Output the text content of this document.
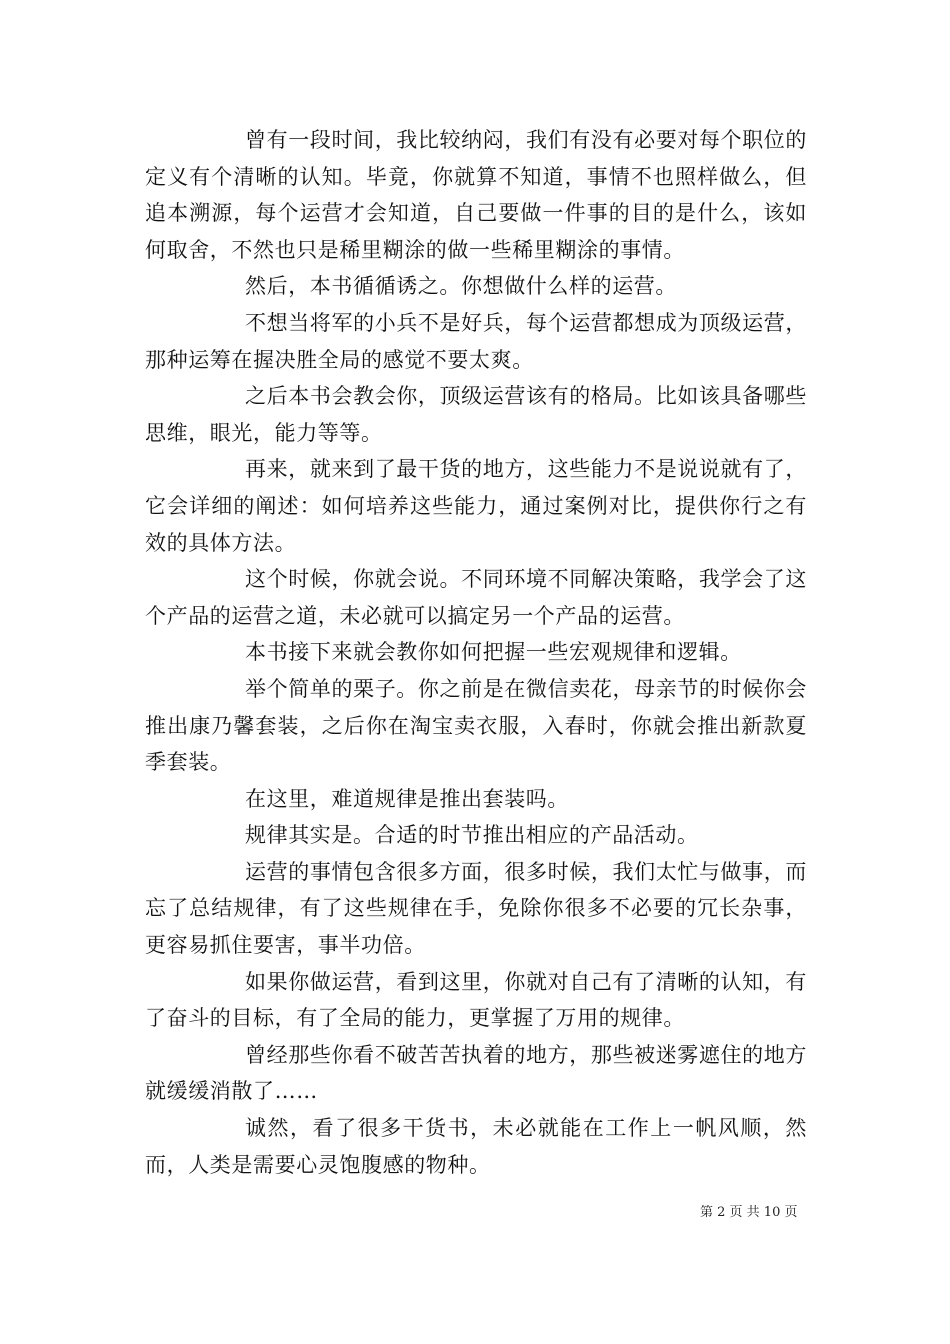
曾有一段时间，我比较纳闷，我们有没有必要对每个职位的定义有个清晰的认知。毕竟，你就算不知道，事情不也照样做么，但追本溯源，每个运营才会知道，自己要做一件事的目的是什么，该如何取舍，不然也只是稀里糊涂的做一些稀里糊涂的事情。

然后，本书循循诱之。你想做什么样的运营。

不想当将军的小兵不是好兵，每个运营都想成为顶级运营，那种运筹在握决胜全局的感觉不要太爽。

之后本书会教会你，顶级运营该有的格局。比如该具备哪些思维，眼光，能力等等。

再来，就来到了最干货的地方，这些能力不是说说就有了，它会详细的阐述：如何培养这些能力，通过案例对比，提供你行之有效的具体方法。

这个时候，你就会说。不同环境不同解决策略，我学会了这个产品的运营之道，未必就可以搞定另一个产品的运营。

本书接下来就会教你如何把握一些宏观规律和逻辑。

举个简单的栗子。你之前是在微信卖花，母亲节的时候你会推出康乃馨套装，之后你在淘宝卖衣服，入春时，你就会推出新款夏季套装。

在这里，难道规律是推出套装吗。

规律其实是。合适的时节推出相应的产品活动。

运营的事情包含很多方面，很多时候，我们太忙与做事，而忘了总结规律，有了这些规律在手，免除你很多不必要的冗长杂事，更容易抓住要害，事半功倍。

如果你做运营，看到这里，你就对自己有了清晰的认知，有了奋斗的目标，有了全局的能力，更掌握了万用的规律。

曾经那些你看不破苦苦执着的地方，那些被迷雾遮住的地方就缓缓消散了……

诚然，看了很多干货书，未必就能在工作上一帆风顺，然而，人类是需要心灵饱腹感的物种。

第 2 页 共 10 页
